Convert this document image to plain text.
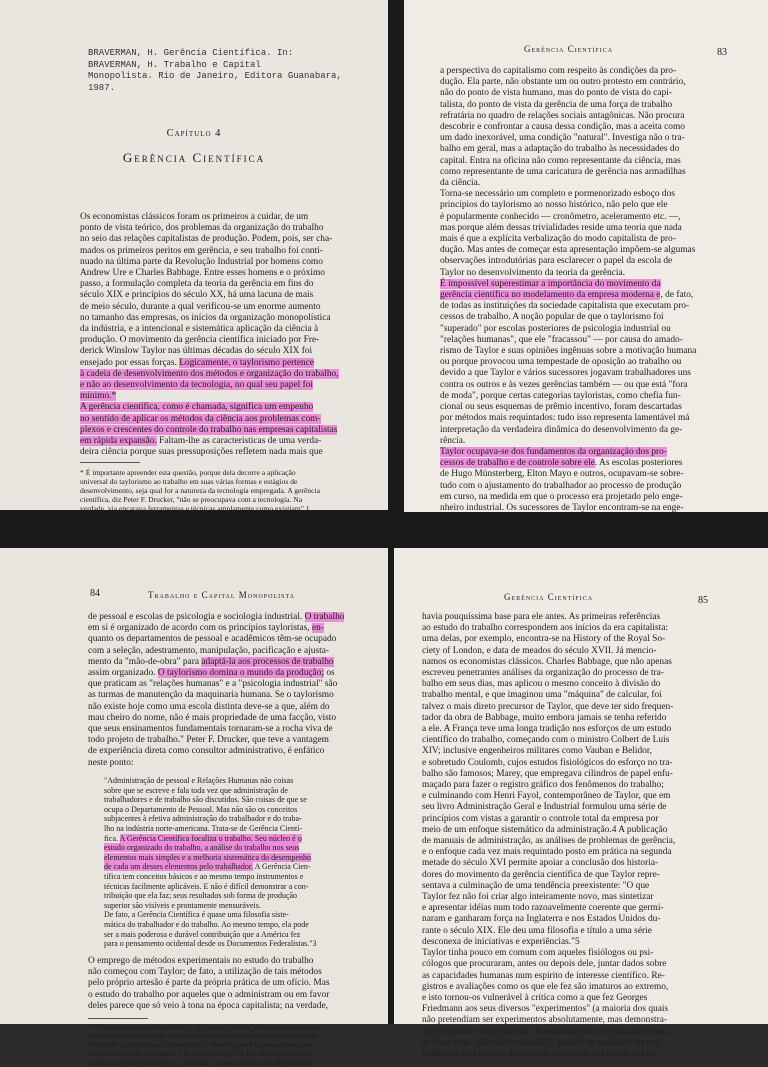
BRAVERMAN, H. Gerência Científica. In:
BRAVERMAN, H. Trabalho e Capital
Monopolista. Rio de Janeiro, Editora Guanabara,
1987.
Capítulo 4
Gerência Científica
Os economistas clássicos foram os primeiros a cuidar, de um
ponto de vista teórico, dos problemas da organização do trabalho
no seio das relações capitalistas de produção. Podem, pois, ser cha-
mados os primeiros peritos em gerência, e seu trabalho foi conti-
nuado na última parte da Revolução Industrial por homens como
Andrew Ure e Charles Babbage. Entre esses homens e o próximo
passo, a formulação completa da teoria da gerência em fins do
século XIX e princípios do século XX, há uma lacuna de mais
de meio século, durante a qual verificou-se um enorme aumento
no tamanho das empresas, os inícios da organização monopolística
da indústria, e a intencional e sistemática aplicação da ciência à
produção. O movimento da gerência científica iniciado por Fre-
derick Winslow Taylor nas últimas décadas do século XIX foi
ensejado por essas forças. Logicamente, o taylorismo pertence
à cadeia de desenvolvimento dos métodos e organização do trabalho,
e não ao desenvolvimento da tecnologia, no qual seu papel foi
mínimo.*
A gerência científica, como é chamada, significa um empenho
no sentido de aplicar os métodos da ciência aos problemas com-
plexos e crescentes do controle do trabalho nas empresas capitalistas
em rápida expansão. Faltam-lhe as características de uma verda-
deira ciência porque suas pressuposições refletem nada mais que
* É importante apreender esta questão, porque dela decorre a aplicação
universal do taylorismo ao trabalho em suas várias formas e estágios de
desenvolvimento, seja qual for a natureza da tecnologia empregada. A gerência
científica, diz Peter F. Drucker, "não se preocupava com a tecnologia. Na
verdade, via encarava ferramentas e técnicas amplamente como existiam".1
Gerência Científica	83
a perspectiva do capitalismo com respeito às condições da pro-
dução. Ela parte, não obstante um ou outro protesto em contrário,
não do ponto de vista humano, mas do ponto de vista do capi-
talista, do ponto de vista da gerência de uma força de trabalho
refratária no quadro de relações sociais antagônicas. Não procura
descobrir e confrontar a causa dessa condição, mas a aceita como
um dado inexorável, uma condição "natural". Investiga não o tra-
balho em geral, mas a adaptação do trabalho às necessidades do
capital. Entra na oficina não como representante da ciência, mas
como representante de uma caricatura de gerência nas armadilhas
da ciência.
Torna-se necessário um completo e pormenorizado esboço dos
princípios do taylorismo ao nosso histórico, não pelo que ele
é popularmente conhecido — cronômetro, aceleramento etc. —,
mas porque além dessas trivialidades reside uma teoria que nada
mais é que a explícita verbalização do modo capitalista de pro-
dução. Mas antes de começar esta apresentação impõem-se algumas
observações introdutórias para esclarecer o papel da escola de
Taylor no desenvolvimento da teoria da gerência.
É impossível superestimar a importância do movimento da
gerência científica no modelamento da empresa moderna e, de fato,
de todas as instituições da sociedade capitalista que executam pro-
cessos de trabalho. A noção popular de que o taylorismo foi
"superado" por escolas posteriores de psicologia industrial ou
"relações humanas", que ele "fracassou" — por causa do amado-
rismo de Taylor e suas opiniões ingênuas sobre a motivação humana
ou porque provocou uma tempestade de oposição ao trabalho ou
devido a que Taylor e vários sucessores jogavam trabalhadores uns
contra os outros e às vezes gerências também — ou que está "fora
de moda", porque certas categorias tayloristas, como chefia fun-
cional ou seus esquemas de prêmio incentivo, foram descartadas
por métodos mais requintados: tudo isso representa lamentável má
interpretação da verdadeira dinâmica do desenvolvimento da ge-
rência.
Taylor ocupava-se dos fundamentos da organização dos pro-
cessos de trabalho e de controle sobre ele. As escolas posteriores
de Hugo Münsterberg, Elton Mayo e outros, ocupavam-se sobre-
tudo com o ajustamento do trabalhador ao processo de produção
em curso, na medida em que o processo era projetado pelo enge-
nheiro industrial. Os sucessores de Taylor encontram-se na enge-
nharia e projeto do trabalho, bem como na alta administração;
os sucessores de Münsterberg e Mayo acham-se nos departamentos
84	Trabalho e Capital Monopolista
de pessoal e escolas de psicologia e sociologia industrial. O trabalho
em si é organizado de acordo com os princípios tayloristas, en-
quanto os departamentos de pessoal e acadêmicos têm-se ocupado
com a seleção, adestramento, manipulação, pacificação e ajusta-
mento da "mão-de-obra" para adaptá-la aos processos de trabalho
assim organizado. O taylorismo domina o mundo da produção; os
que praticam as "relações humanas" e a "psicologia industrial" são
as turmas de manutenção da maquinaria humana. Se o taylorismo
não existe hoje como uma escola distinta deve-se a que, além do
mau cheiro do nome, não é mais propriedade de uma facção, visto
que seus ensinamentos fundamentais tornaram-se a rocha viva de
todo projeto de trabalho." Peter F. Drucker, que teve a vantagem
de experiência direta como consultor administrativo, é enfático
neste ponto:
"Administração de pessoal e Relações Humanas não coisas
sobre que se escreve e fala toda vez que administração de
trabalhadores e de trabalho são discutidos. São coisas de que se
ocupa o Departamento de Pessoal. Mas não são os conceitos
subjacentes à efetiva administração do trabalhador e do traba-
lho na indústria norte-americana. Trata-se de Gerência Cientí-
fica. A Gerência Científica focaliza o trabalho. Seu núcleo é o
estudo organizado do trabalho, a análise do trabalho nos seus
elementos mais simples e a melhoria sistemática do desempenho
de cada um desses elementos pelo trabalhador. A Gerência Cien-
tífica tem conceitos básicos e ao mesmo tempo instrumentos e
técnicas facilmente aplicáveis. E não é difícil demonstrar a con-
tribuição que ela faz; seus resultados sob forma de produção
superior são visíveis e prontamente mensuráveis.
De fato, a Gerência Científica é quase uma filosofia siste-
mática do trabalhador e do trabalho. Ao mesmo tempo, ela pode
ser a mais poderosa e durável contribuição que a América fez
para o pensamento ocidental desde os Documentos Federalistas."3
O emprego de métodos experimentais no estudo do trabalho
não começou com Taylor; de fato, a utilização de tais métodos
pelo próprio artesão é parte da própria prática de um ofício. Mas
o estudo do trabalho por aqueles que o administram ou em favor
deles parece que só veio à tona na época capitalista; na verdade,
* "Como um movimento distinto", diz George Soule, "desapareceu na gran-
de depressão dos anos 30, mas naquele tempo o conhecimento dele tinha-se
difundido na indústria e seus métodos e filosofia eram lugares-comuns em
muitas escolas de engenharia e de administração."2 Em outras palavras, o
taylorismo está "obsoleto" ou "superado" somente no sentido de que uma
Gerência Científica	85
havia pouquíssima base para ele antes. As primeiras referências
ao estudo do trabalho correspondem aos inícios da era capitalista:
uma delas, por exemplo, encontra-se na History of the Royal So-
ciety of London, e data de meados do século XVII. Já mencio-
namos os economistas clássicos. Charles Babbage, que não apenas
escreveu penetrantes análises da organização do processo de tra-
balho em seus dias, mas aplicou o mesmo conceito à divisão do
trabalho mental, e que imaginou uma "máquina" de calcular, foi
talvez o mais direto precursor de Taylor, que deve ter sido frequen-
tador da obra de Babbage, muito embora jamais se tenha referido
a ele. A França teve uma longa tradição nos esforços de um estudo
científico do trabalho, começando com o ministro Colbert de Luís
XIV; inclusive engenheiros militares como Vauban e Belidor,
e sobretudo Coulomb, cujos estudos fisiológicos do esforço no tra-
balho são famosos; Marey, que empregava cilindros de papel enfu-
maçado para fazer o registro gráfico dos fenômenos do trabalho;
e culminando com Henri Fayol, contemporâneo de Taylor, que em
seu livro Administração Geral e Industrial formulou uma série de
princípios com vistas a garantir o controle total da empresa por
meio de um enfoque sistemático da administração.4 A publicação
de manuais de administração, as análises de problemas de gerência,
e o enfoque cada vez mais requintado posto em prática na segunda
metade do século XVI permite apoiar a conclusão dos historia-
dores do movimento da gerência científica de que Taylor repre-
sentava a culminação de uma tendência preexistente: "O que
Taylor fez não foi criar algo inteiramente novo, mas sintetizar
e apresentar idéias num todo razoavelmente coerente que germi-
naram e ganharam força na Inglaterra e nos Estados Unidos du-
rante o século XIX. Ele deu uma filosofia e título a uma série
desconexa de iniciativas e experiências."5
Taylor tinha pouco em comum com aqueles fisiólogos ou psi-
cólogos que procuraram, antes ou depois dele, juntar dados sobre
as capacidades humanas num espírito de interesse científico. Re-
gistros e avaliações como os que ele fez são imaturos ao extremo,
e isto tornou-os vulnerável à crítica como a que fez Georges
Friedmann aos seus diversos "experimentos" (a maioria dos quais
não pretendiam ser experimentos absolutamente, mas demonstra-
ções forçadas e hiperbólicas). Friedmann trata o taylorismo como
se fosse uma "ciência do trabalho", quando na realidade ele pre-
tendia ser uma ciência do trabalho de outros, nas condições do
